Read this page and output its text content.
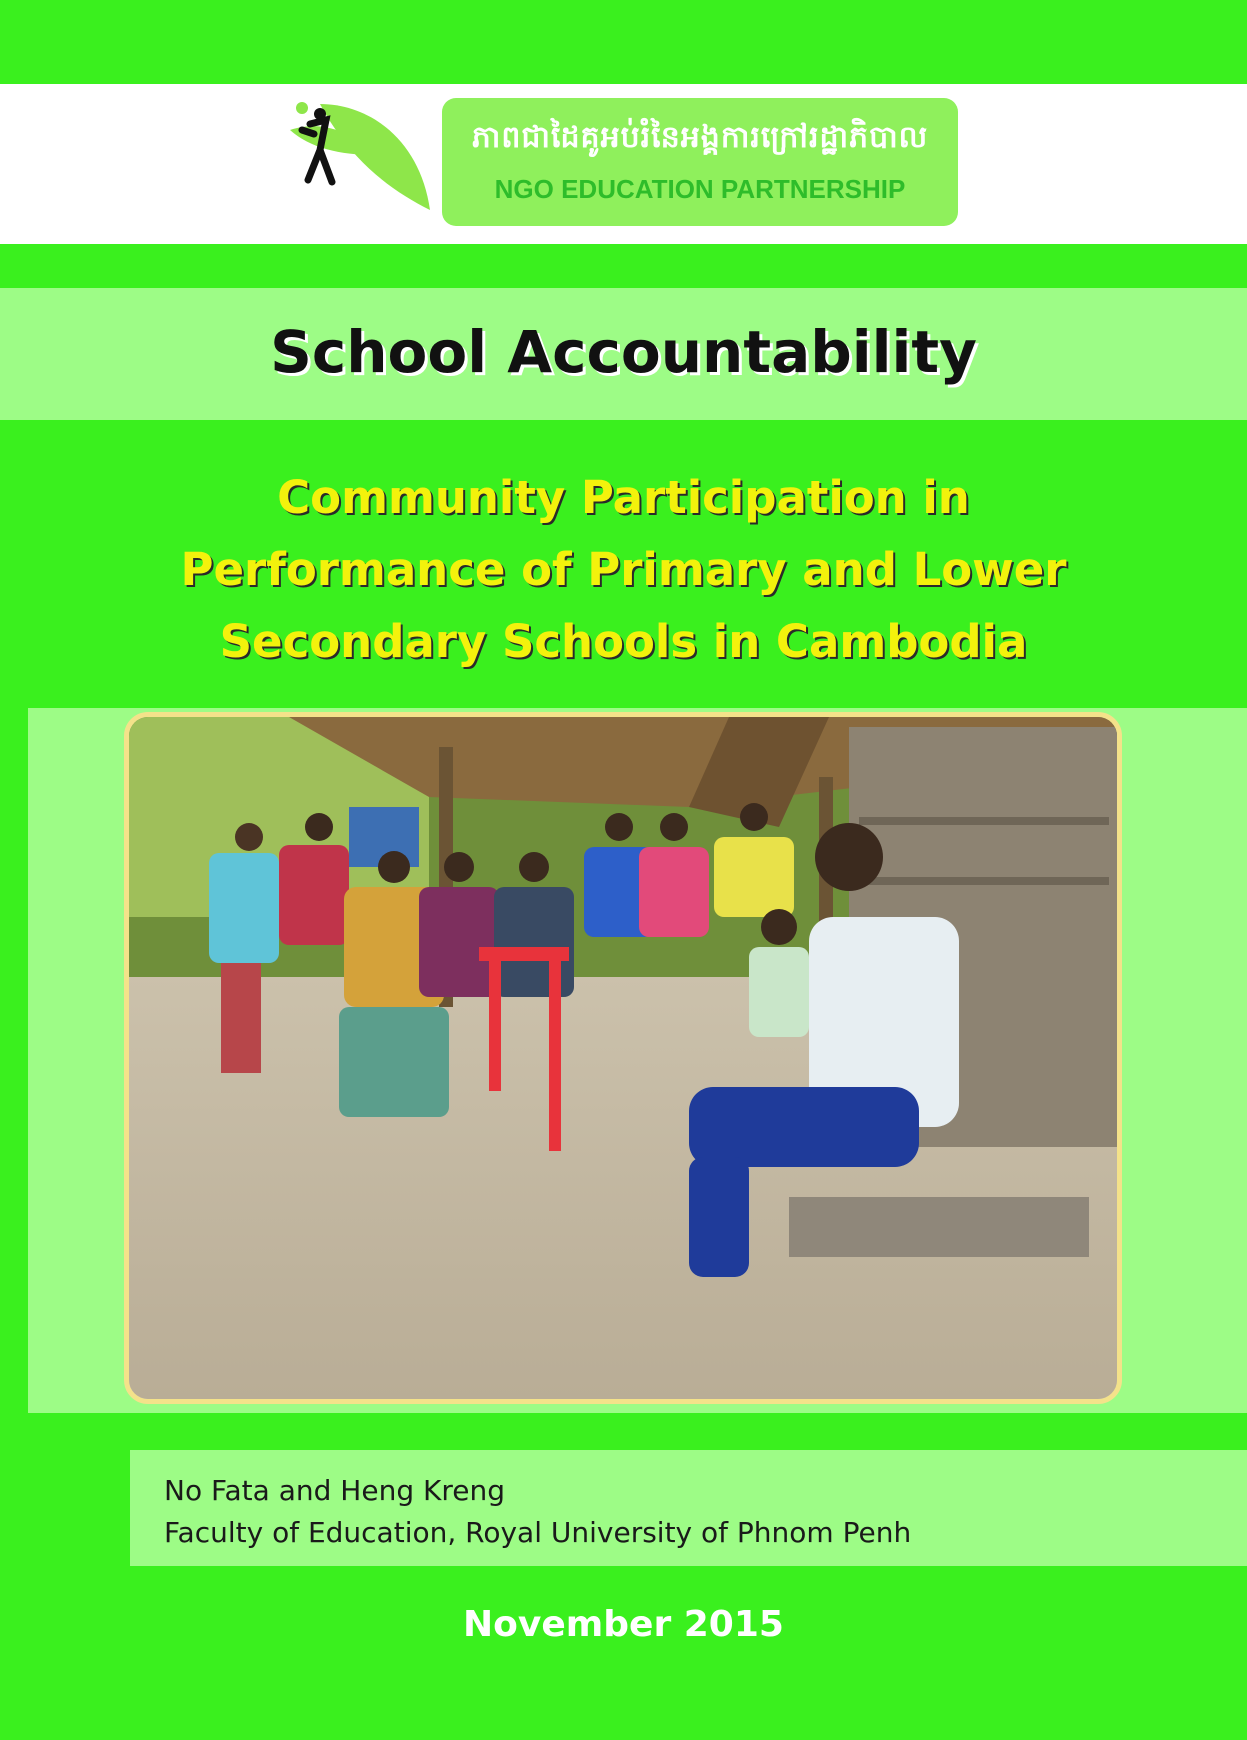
ភាពជាដៃគូអប់រំនៃអង្គការក្រៅរដ្ឋាភិបាល
NGO EDUCATION PARTNERSHIP
School Accountability
Community Participation in
Performance of Primary and Lower
Secondary Schools in Cambodia
No Fata and Heng Kreng
Faculty of Education, Royal University of Phnom Penh
November 2015
